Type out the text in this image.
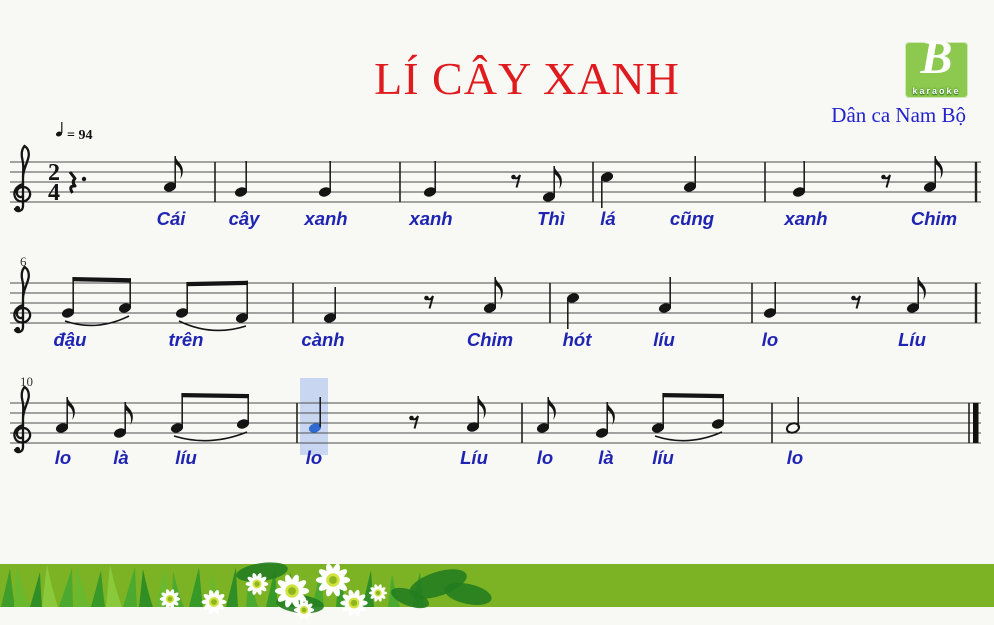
LÍ CÂY XANH
Dân ca Nam Bộ
B
karaoke
= 94
2
4
Cái cây xanh	xanh	Thì lá	cũng	xanh	Chim
6
đậu	trên	cành	Chim	hót	líu	lo	Líu
10
lo là	líu	lo	Líu	lo là líu	lo
